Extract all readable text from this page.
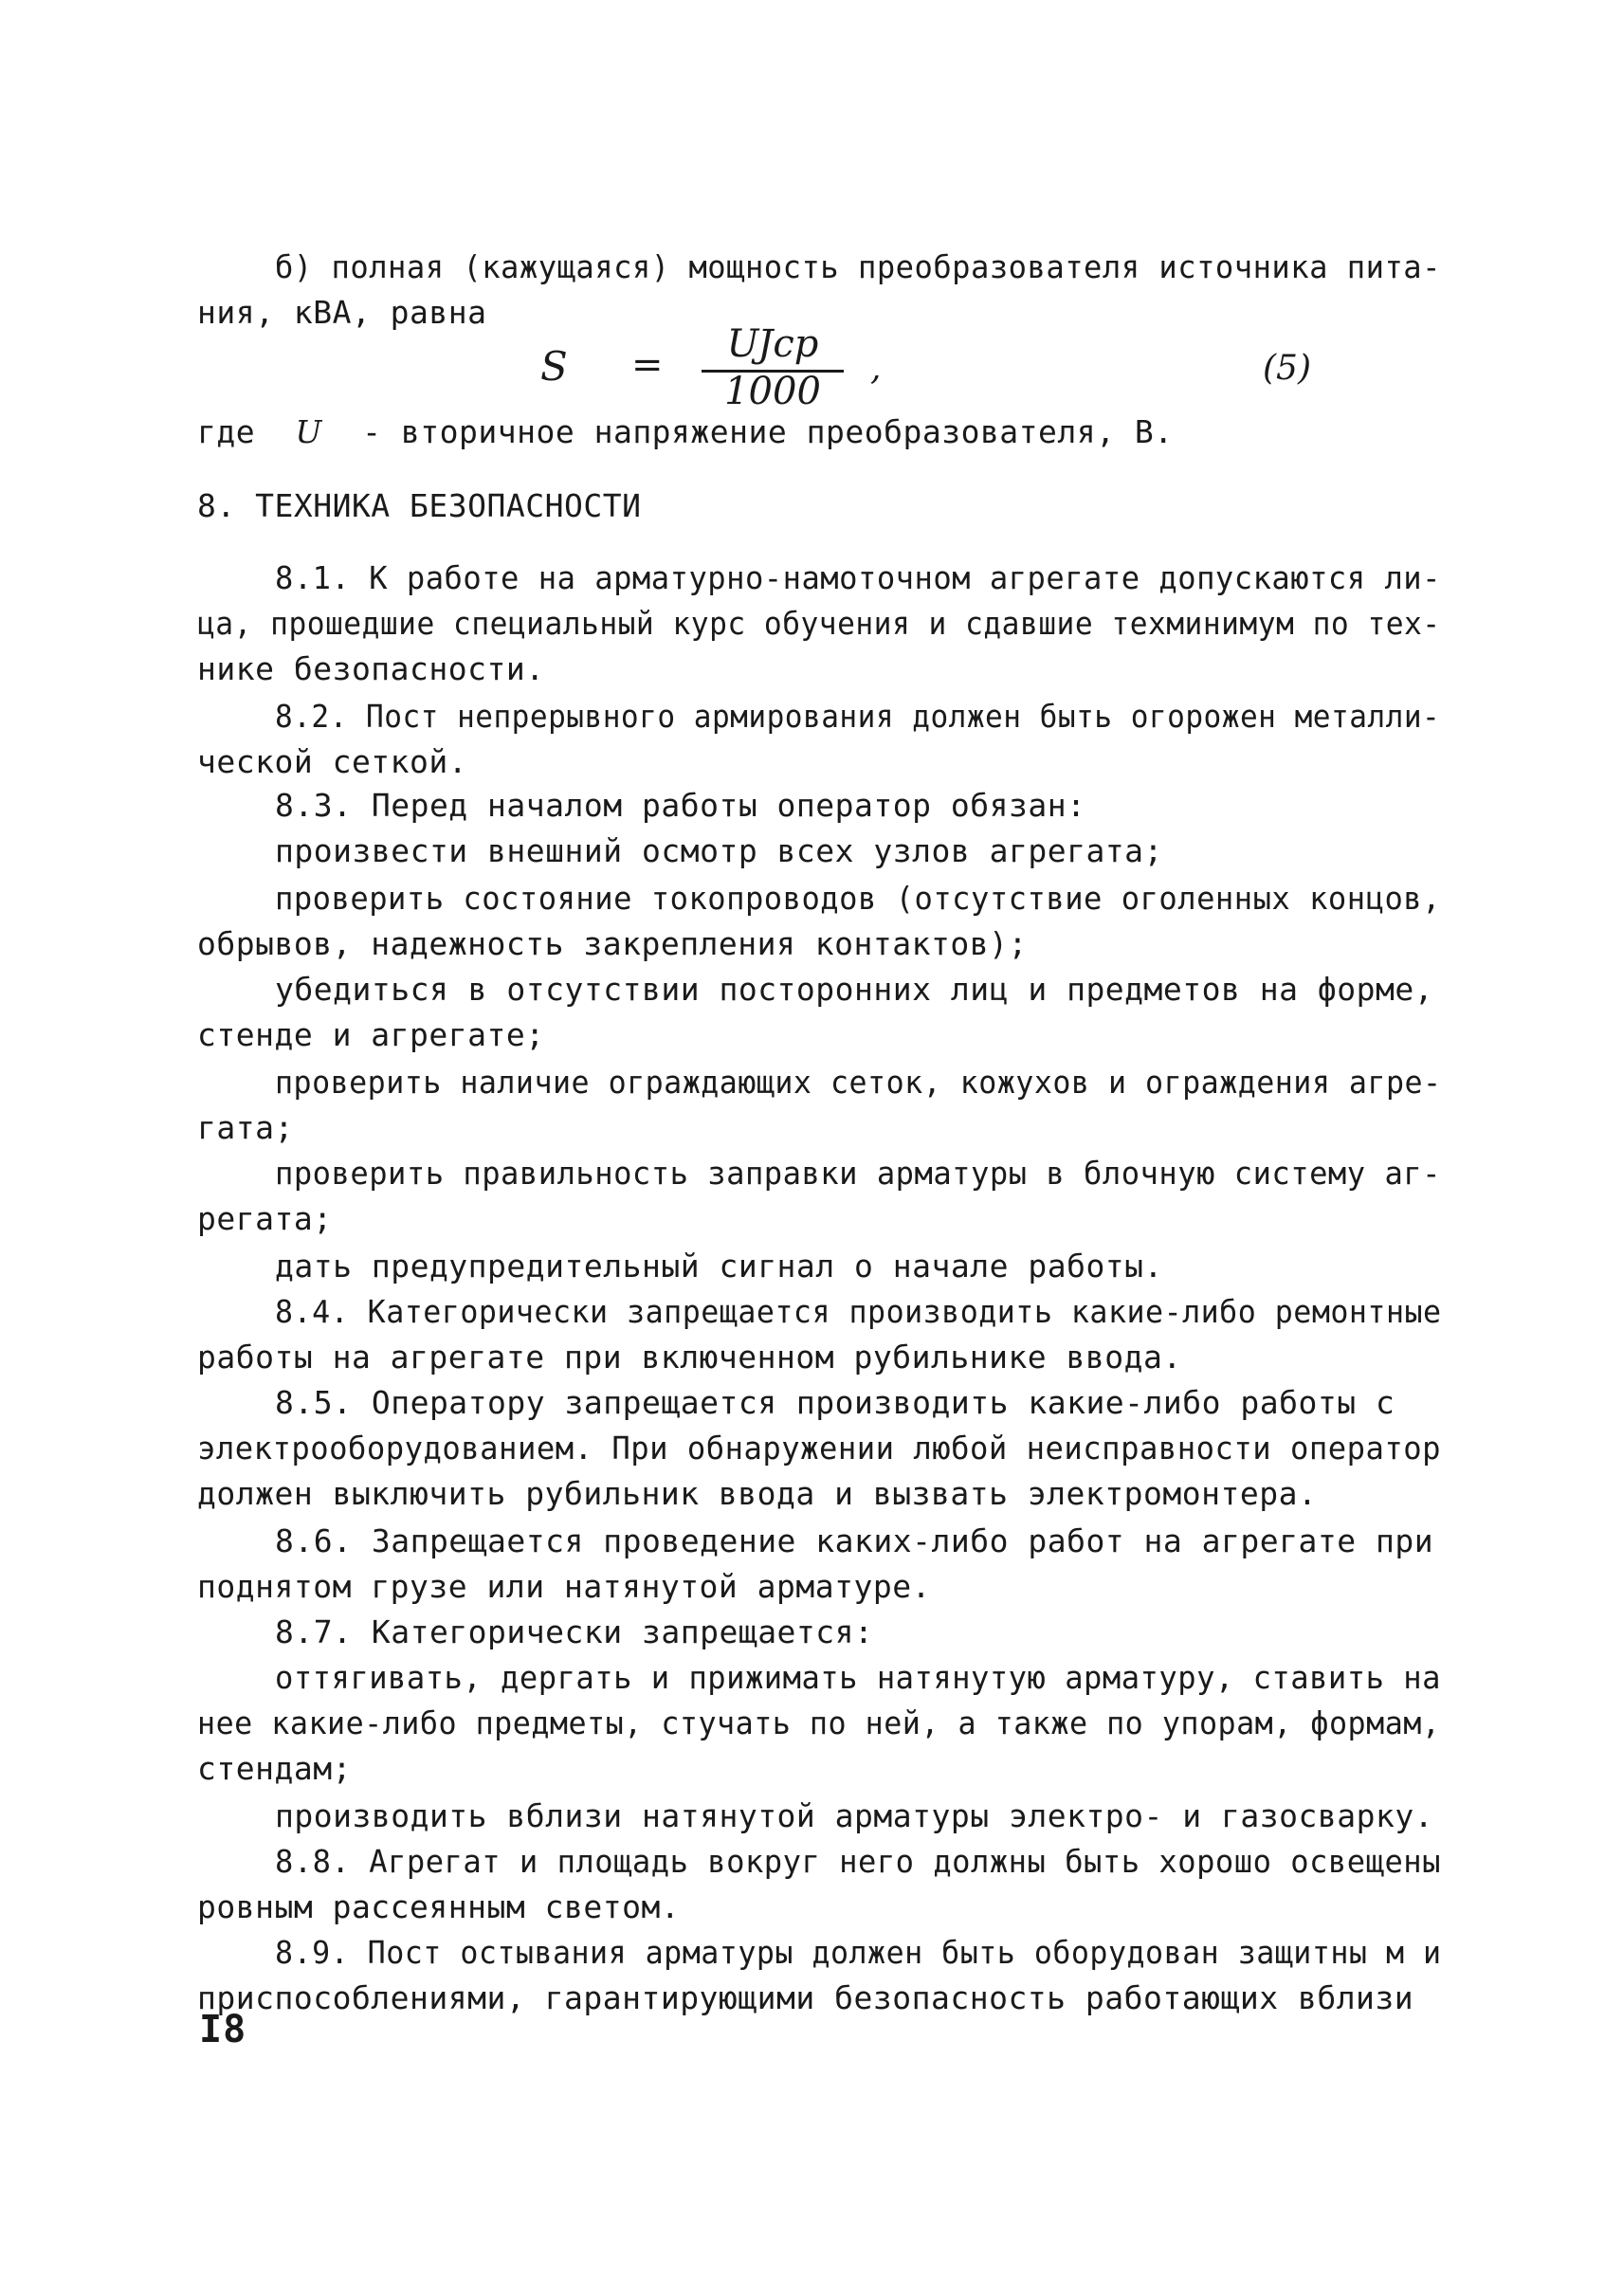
б) полная (кажущаяся) мощность преобразователя источника пита-
ния, кВА, равна
S =	UJср
1000
,	(5)
где U - вторичное напряжение преобразователя, В.
8. ТЕХНИКА БЕЗОПАСНОСТИ
8.1. К работе на арматурно-намоточном агрегате допускаются ли-
ца, прошедшие специальный курс обучения и сдавшие техминимум по тех-
нике безопасности.
8.2. Пост непрерывного армирования должен быть огорожен металли-
ческой сеткой.
8.3. Перед началом работы оператор обязан:
произвести внешний осмотр всех узлов агрегата;
проверить состояние токопроводов (отсутствие оголенных концов,
обрывов, надежность закрепления контактов);
убедиться в отсутствии посторонних лиц и предметов на форме,
стенде и агрегате;
проверить наличие ограждающих сеток, кожухов и ограждения агре-
гата;
проверить правильность заправки арматуры в блочную систему аг-
регата;
дать предупредительный сигнал о начале работы.
8.4. Категорически запрещается производить какие-либо ремонтные
работы на агрегате при включенном рубильнике ввода.
8.5. Оператору запрещается производить какие-либо работы с
электрооборудованием. При обнаружении любой неисправности оператор
должен выключить рубильник ввода и вызвать электромонтера.
8.6. Запрещается проведение каких-либо работ на агрегате при
поднятом грузе или натянутой арматуре.
8.7. Категорически запрещается:
оттягивать, дергать и прижимать натянутую арматуру, ставить на
нее какие-либо предметы, стучать по ней, а также по упорам, формам,
стендам;
производить вблизи натянутой арматуры электро- и газосварку.
8.8. Агрегат и площадь вокруг него должны быть хорошо освещены
ровным рассеянным светом.
8.9. Пост остывания арматуры должен быть оборудован защитны м и
приспособлениями, гарантирующими безопасность работающих вблизи
I8
